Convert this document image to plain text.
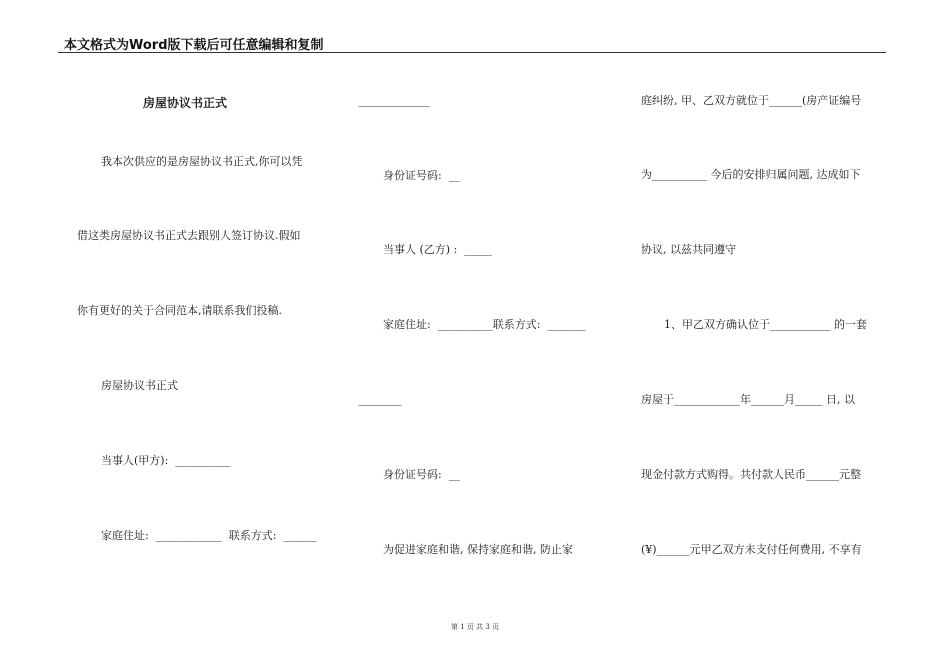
本文格式为Word版下载后可任意编辑和复制
房屋协议书正式
我本次供应的是房屋协议书正式,你可以凭
借这类房屋协议书正式去跟别人签订协议.假如
你有更好的关于合同范本,请联系我们投稿.
房屋协议书正式
当事人(甲方):  __________
家庭住址:  ____________  联系方式:  ______
_____________
身份证号码:  __
当事人 (乙方) :  _____
家庭住址:  __________联系方式:  _______
________
身份证号码:  __
为促进家庭和谐, 保持家庭和谐, 防止家
庭纠纷, 甲、乙双方就位于______(房产证编号
为__________ 今后的安排归属问题, 达成如下
协议, 以兹共同遵守
1、甲乙双方确认位于___________ 的一套
房屋于____________年______月_____ 日, 以
现金付款方式购得。共付款人民币______元整
(¥)______元甲乙双方未支付任何费用, 不享有
第 1 页 共 3 页
